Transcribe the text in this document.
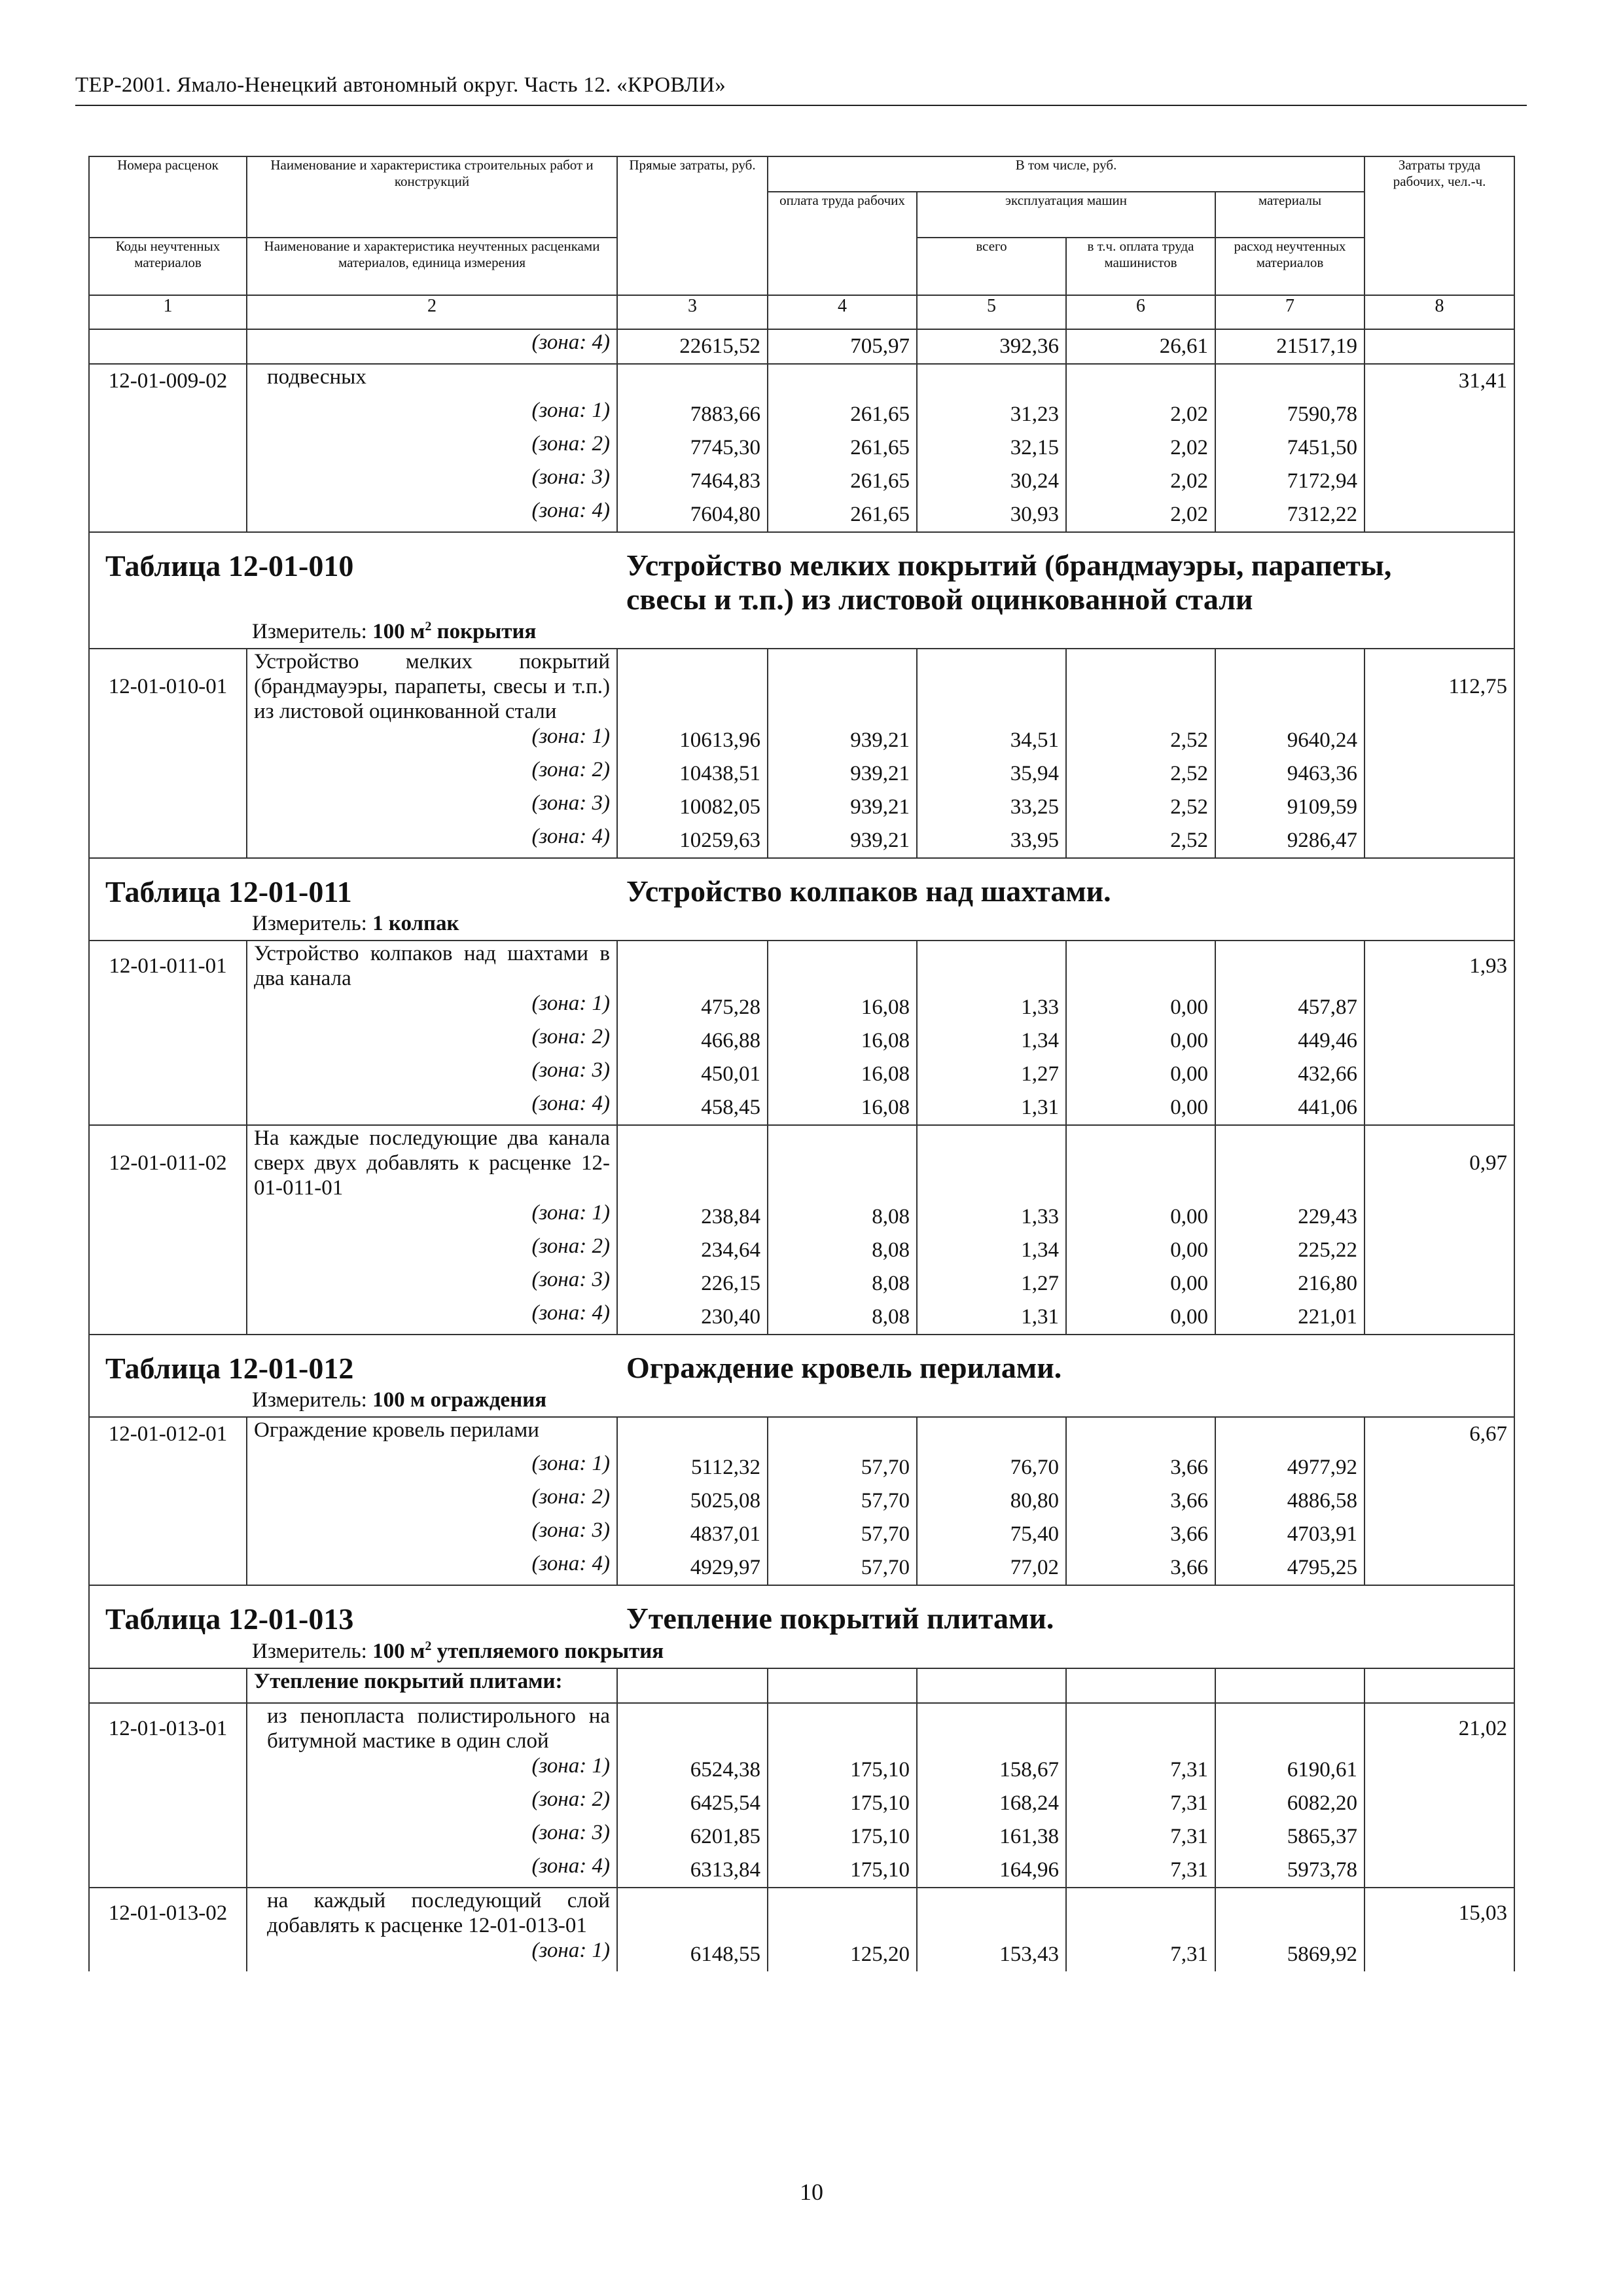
ТЕР-2001. Ямало-Ненецкий автономный округ. Часть 12. «КРОВЛИ»
Номера расценок	Наименование и характеристика строительных работ и конструкций	Прямые затраты, руб.	В том числе, руб.				Затраты труда рабочих, чел.-ч.
			оплата труда рабочих	эксплуатация машин		материалы	
Коды неучтенных материалов	Наименование и характеристика неучтенных расценками материалов, единица измерения			всего	в т.ч. оплата труда машинистов	расход неучтенных материалов	

1	2	3	4	5	6	7	8

	(зона: 4)	22615,52	705,97	392,36	26,61	21517,19	
12-01-009-02	подвесных						31,41

	(зона: 1)	7883,66	261,65	31,23	2,02	7590,78	

	(зона: 2)	7745,30	261,65	32,15	2,02	7451,50	

	(зона: 3)	7464,83	261,65	30,24	2,02	7172,94	

	(зона: 4)	7604,80	261,65	30,93	2,02	7312,22	

Таблица 12-01-010 Устройство мелких покрытий (брандмауэры, парапеты, свесы и т.п.) из листовой оцинкованной стали
Измеритель: 100 $м^2$ покрытия							

12-01-010-01	Устройство мелких покрытий (брандмауэры, парапеты, свесы и т.п.) из листовой оцинкованной стали						112,75

	(зона: 1)	10613,96	939,21	34,51	2,52	9640,24	

	(зона: 2)	10438,51	939,21	35,94	2,52	9463,36	

	(зона: 3)	10082,05	939,21	33,25	2,52	9109,59	

	(зона: 4)	10259,63	939,21	33,95	2,52	9286,47	

Таблица 12-01-011 Устройство колпаков над шахтами.
Измеритель: 1 колпак							

12-01-011-01	Устройство колпаков над шахтами в два канала						1,93

	(зона: 1)	475,28	16,08	1,33	0,00	457,87	

	(зона: 2)	466,88	16,08	1,34	0,00	449,46	

	(зона: 3)	450,01	16,08	1,27	0,00	432,66	

	(зона: 4)	458,45	16,08	1,31	0,00	441,06	
12-01-011-02	На каждые последующие два канала сверх двух добавлять к расценке 12-01-011-01						0,97

	(зона: 1)	238,84	8,08	1,33	0,00	229,43	

	(зона: 2)	234,64	8,08	1,34	0,00	225,22	

	(зона: 3)	226,15	8,08	1,27	0,00	216,80	

	(зона: 4)	230,40	8,08	1,31	0,00	221,01	

Таблица 12-01-012 Ограждение кровель перилами.
Измеритель: 100 м ограждения							

12-01-012-01	Ограждение кровель перилами						6,67

	(зона: 1)	5112,32	57,70	76,70	3,66	4977,92	

	(зона: 2)	5025,08	57,70	80,80	3,66	4886,58	

	(зона: 3)	4837,01	57,70	75,40	3,66	4703,91	

	(зона: 4)	4929,97	57,70	77,02	3,66	4795,25	

Таблица 12-01-013 Утепление покрытий плитами.
Измеритель: 100 $м^2$ утепляемого покрытия							

	Утепление покрытий плитами:						
12-01-013-01	из пенопласта полистирольного на битумной мастике в один слой						21,02

	(зона: 1)	6524,38	175,10	158,67	7,31	6190,61	

	(зона: 2)	6425,54	175,10	168,24	7,31	6082,20	

	(зона: 3)	6201,85	175,10	161,38	7,31	5865,37	

	(зона: 4)	6313,84	175,10	164,96	7,31	5973,78	
12-01-013-02	на каждый последующий слой добавлять к расценке 12-01-013-01						15,03

	(зона: 1)	6148,55	125,20	153,43	7,31	5869,92	
10
